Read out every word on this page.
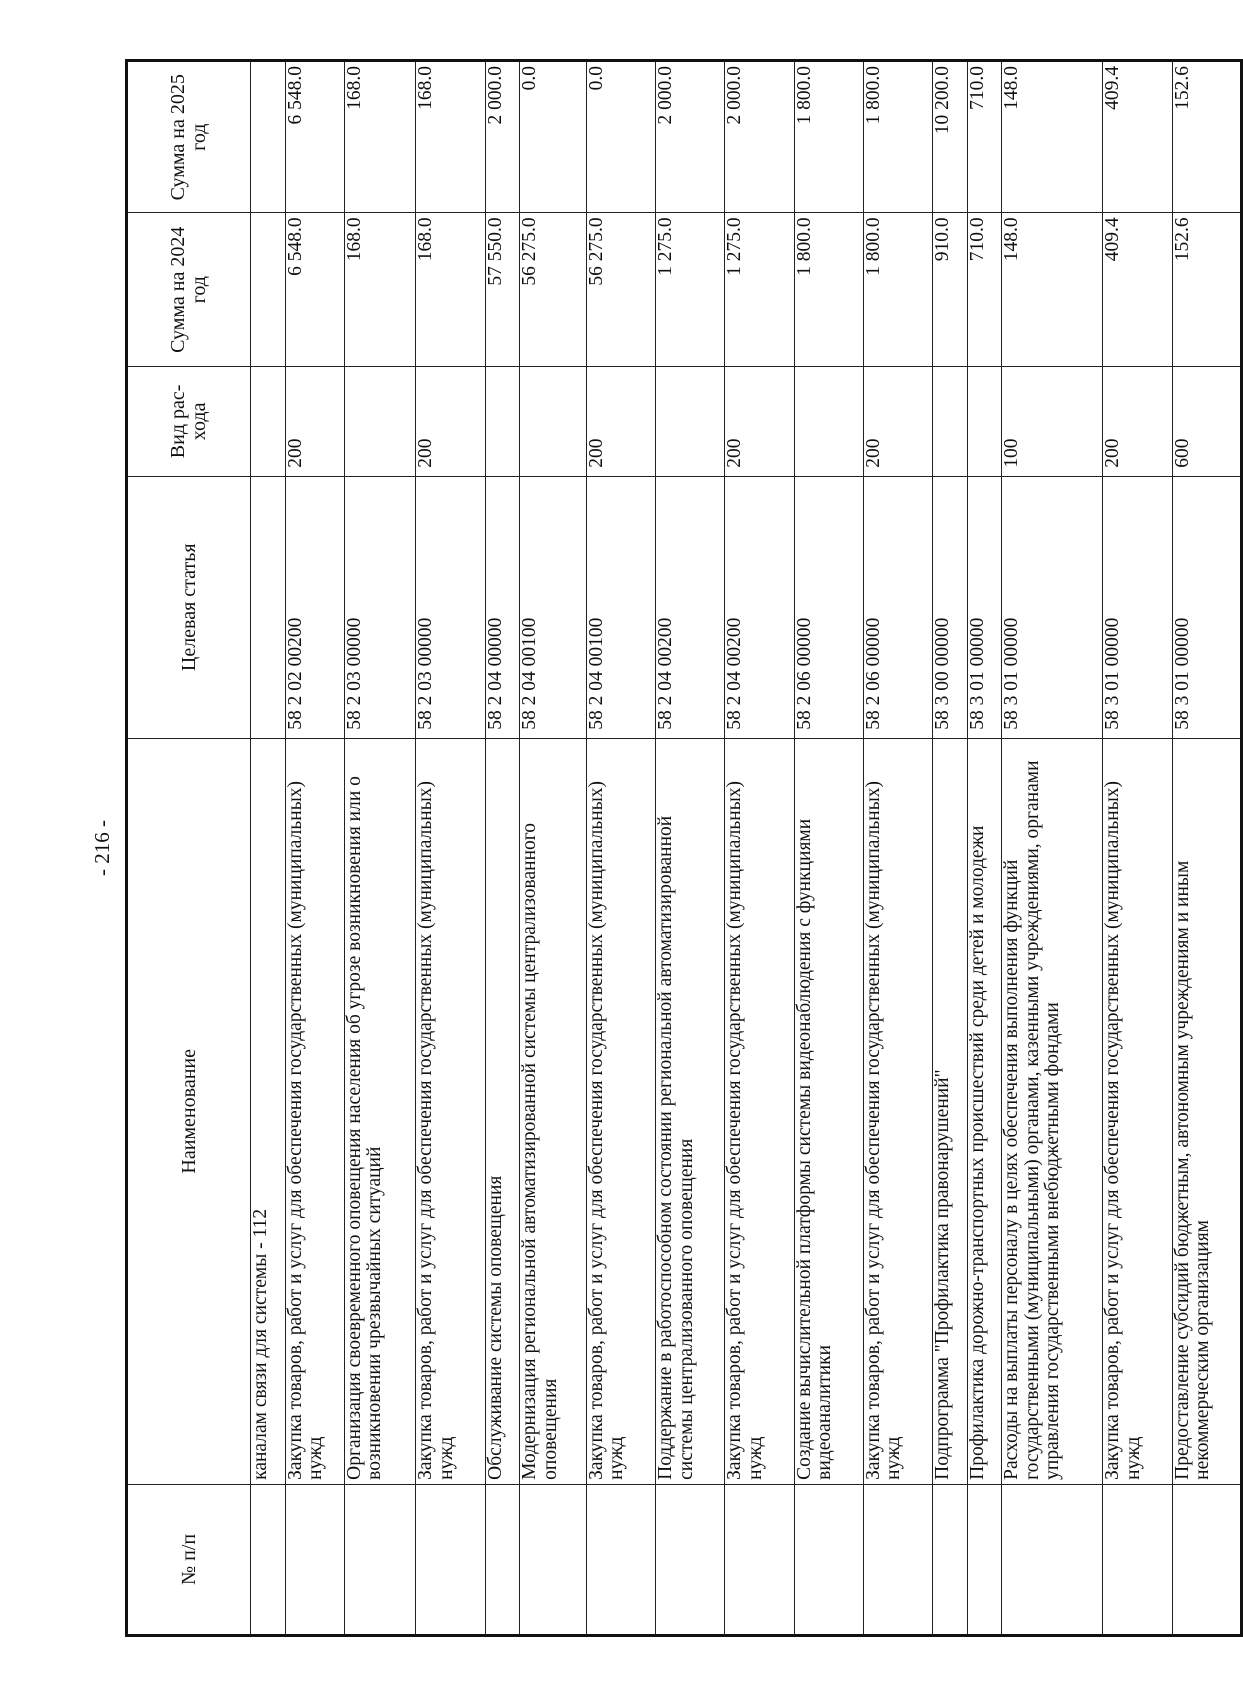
- 216 -
№ п/п	Наименование	Целевая статья	Вид рас-хода	Сумма на 2024 год	Сумма на 2025 год
	каналам связи для системы - 112				
	Закупка товаров, работ и услуг для обеспечения государственных (муниципальных) нужд	58 2 02 00200	200	6 548.0	6 548.0
	Организация своевременного оповещения населения об угрозе возникновения или о возникновении чрезвычайных ситуаций	58 2 03 00000		168.0	168.0
	Закупка товаров, работ и услуг для обеспечения государственных (муниципальных) нужд	58 2 03 00000	200	168.0	168.0
	Обслуживание системы оповещения	58 2 04 00000		57 550.0	2 000.0
	Модернизация региональной автоматизированной системы централизованного оповещения	58 2 04 00100		56 275.0	0.0
	Закупка товаров, работ и услуг для обеспечения государственных (муниципальных) нужд	58 2 04 00100	200	56 275.0	0.0
	Поддержание в работоспособном состоянии региональной автоматизированной системы централизованного оповещения	58 2 04 00200		1 275.0	2 000.0
	Закупка товаров, работ и услуг для обеспечения государственных (муниципальных) нужд	58 2 04 00200	200	1 275.0	2 000.0
	Создание вычислительной платформы системы видеонаблюдения с функциями видеоаналитики	58 2 06 00000		1 800.0	1 800.0
	Закупка товаров, работ и услуг для обеспечения государственных (муниципальных) нужд	58 2 06 00000	200	1 800.0	1 800.0
	Подпрограмма "Профилактика правонарушений"	58 3 00 00000		910.0	10 200.0
	Профилактика дорожно-транспортных происшествий среди детей и молодежи	58 3 01 00000		710.0	710.0
	Расходы на выплаты персоналу в целях обеспечения выполнения функций государственными (муниципальными) органами, казенными учреждениями, органами управления государственными внебюджетными фондами	58 3 01 00000	100	148.0	148.0
	Закупка товаров, работ и услуг для обеспечения государственных (муниципальных) нужд	58 3 01 00000	200	409.4	409.4
	Предоставление субсидий бюджетным, автономным учреждениям и иным некоммерческим организациям	58 3 01 00000	600	152.6	152.6
